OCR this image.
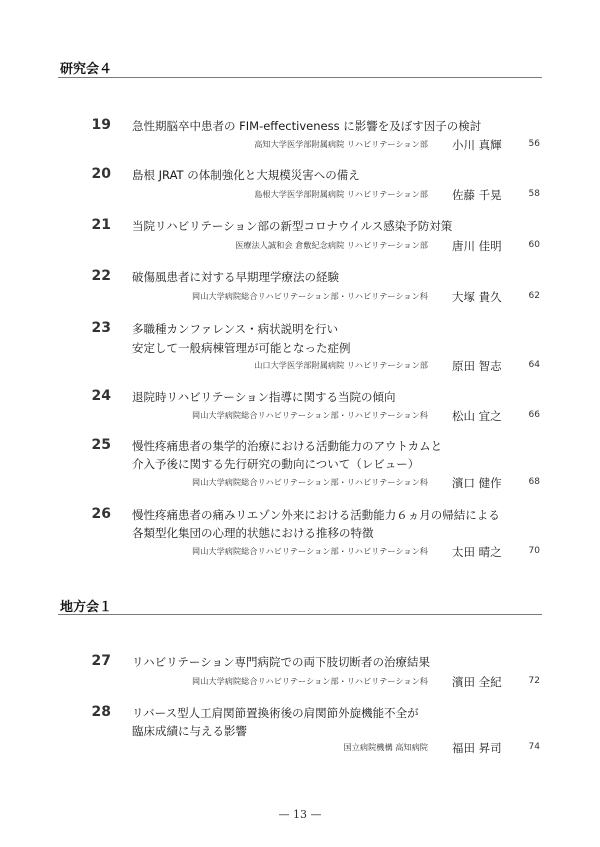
研究会４
19 急性期脳卒中患者の FIM-effectiveness に影響を及ぼす因子の検討
高知大学医学部附属病院 リハビリテーション部 小川 真輝	56
20 島根 JRAT の体制強化と大規模災害への備え
島根大学医学部附属病院 リハビリテーション部 佐藤 千晃	58
21 当院リハビリテーション部の新型コロナウイルス感染予防対策
医療法人誠和会 倉敷紀念病院 リハビリテーション部 唐川 佳明	60
22 破傷風患者に対する早期理学療法の経験
岡山大学病院総合リハビリテーション部・リハビリテーション科 大塚 貴久	62
23 多職種カンファレンス・病状説明を行い
安定して一般病棟管理が可能となった症例
山口大学医学部附属病院 リハビリテーション部 原田 智志	64
24 退院時リハビリテーション指導に関する当院の傾向
岡山大学病院総合リハビリテーション部・リハビリテーション科 松山 宜之	66
25 慢性疼痛患者の集学的治療における活動能力のアウトカムと
介入予後に関する先行研究の動向について（レビュー）
岡山大学病院総合リハビリテーション部・リハビリテーション科 濱口 健作	68
26 慢性疼痛患者の痛みリエゾン外来における活動能力６ヵ月の帰結による
各類型化集団の心理的状態における推移の特徴
岡山大学病院総合リハビリテーション部・リハビリテーション科 太田 晴之	70
地方会１
27 リハビリテーション専門病院での両下肢切断者の治療結果
岡山大学病院総合リハビリテーション部・リハビリテーション科 濱田 全紀	72
28 リバース型人工肩関節置換術後の肩関節外旋機能不全が
臨床成績に与える影響
国立病院機構 高知病院 福田 昇司	74
— 13 —
